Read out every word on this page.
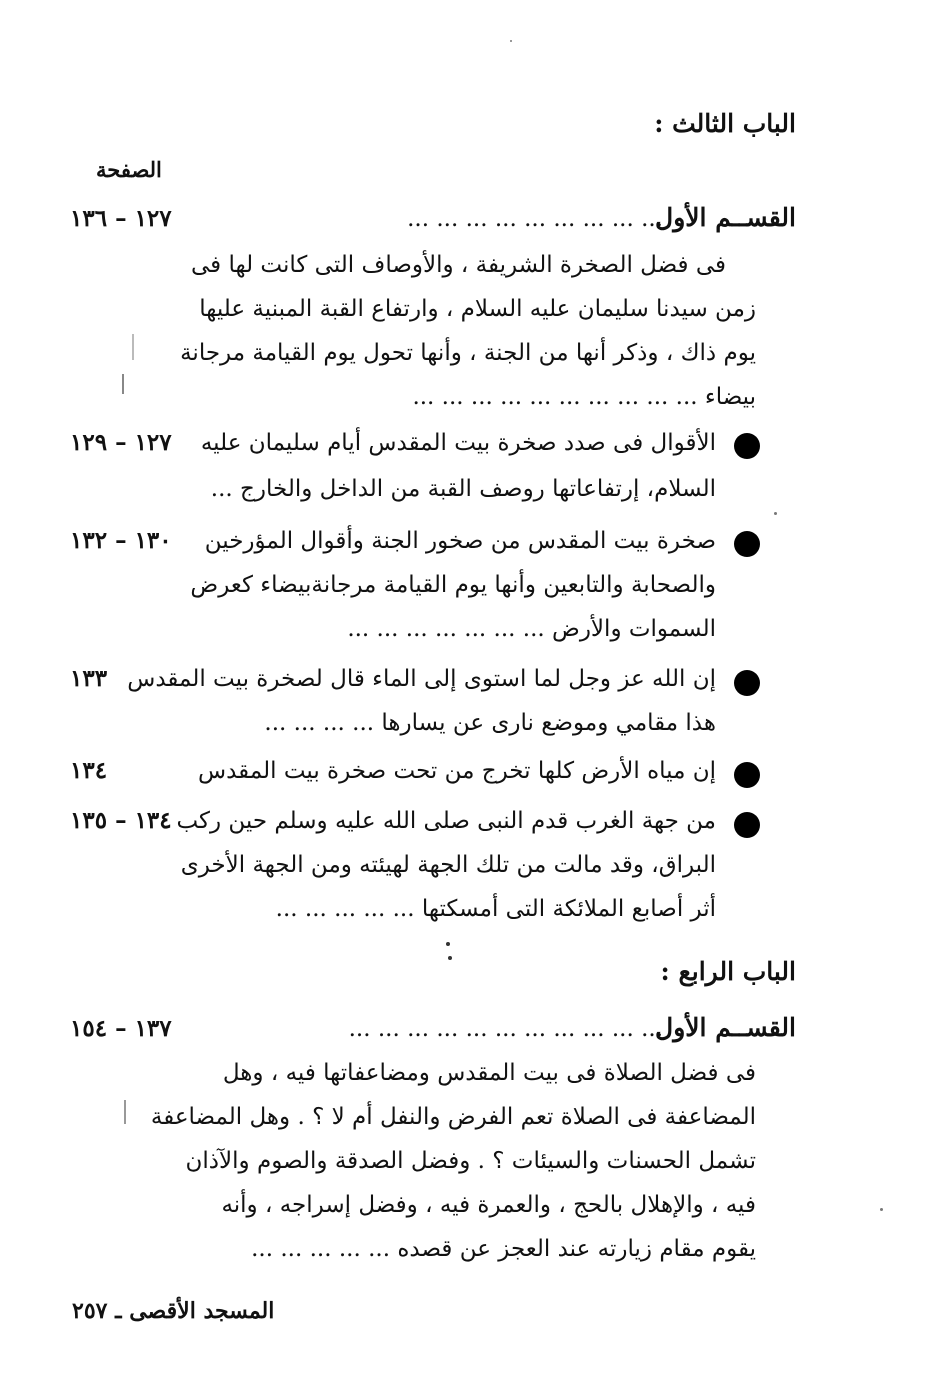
الباب الثالث :
الصفحة
القســم الأول
... ... ... ... ... ... ... ... ...
١٢٧ – ١٣٦
فى فضل الصخرة الشريفة ، والأوصاف التى كانت لها فى
زمن سيدنا سليمان عليه السلام ، وارتفاع القبة المبنية عليها
يوم ذاك ، وذكر أنها من الجنة ، وأنها تحول يوم القيامة مرجانة
بيضاء ... ... ... ... ... ... ... ... ... ...
الأقوال فى صدد صخرة بيت المقدس أيام سليمان عليه
١٢٧ – ١٢٩
السلام، إرتفاعاتها روصف القبة من الداخل والخارج ...
صخرة بيت المقدس من صخور الجنة وأقوال المؤرخين
١٣٠ – ١٣٢
والصحابة والتابعين وأنها يوم القيامة مرجانةبيضاء كعرض
السموات والأرض ... ... ... ... ... ... ...
إن الله عز وجل لما استوى إلى الماء قال لصخرة بيت المقدس
١٣٣
هذا مقامي وموضع نارى عن يسارها ... ... ... ...
إن مياه الأرض كلها تخرج من تحت صخرة بيت المقدس
١٣٤
من جهة الغرب قدم النبى صلى الله عليه وسلم حين ركب
١٣٤ – ١٣٥
البراق، وقد مالت من تلك الجهة لهيئته ومن الجهة الأخرى
أثر أصابع الملائكة التى أمسكتها ... ... ... ... ...
الباب الرابع :
القســم الأول
... ... ... ... ... ... ... ... ... ... ...
١٣٧ – ١٥٤
فى فضل الصلاة فى بيت المقدس ومضاعفاتها فيه ، وهل
المضاعفة فى الصلاة تعم الفرض والنفل أم لا ؟ . وهل المضاعفة
تشمل الحسنات والسيئات ؟ . وفضل الصدقة والصوم والآذان
فيه ، والإهلال بالحج ، والعمرة فيه ، وفضل إسراجه ، وأنه
يقوم مقام زيارته عند العجز عن قصده ... ... ... ... ...
المسجد الأقصى ـ ٢٥٧
